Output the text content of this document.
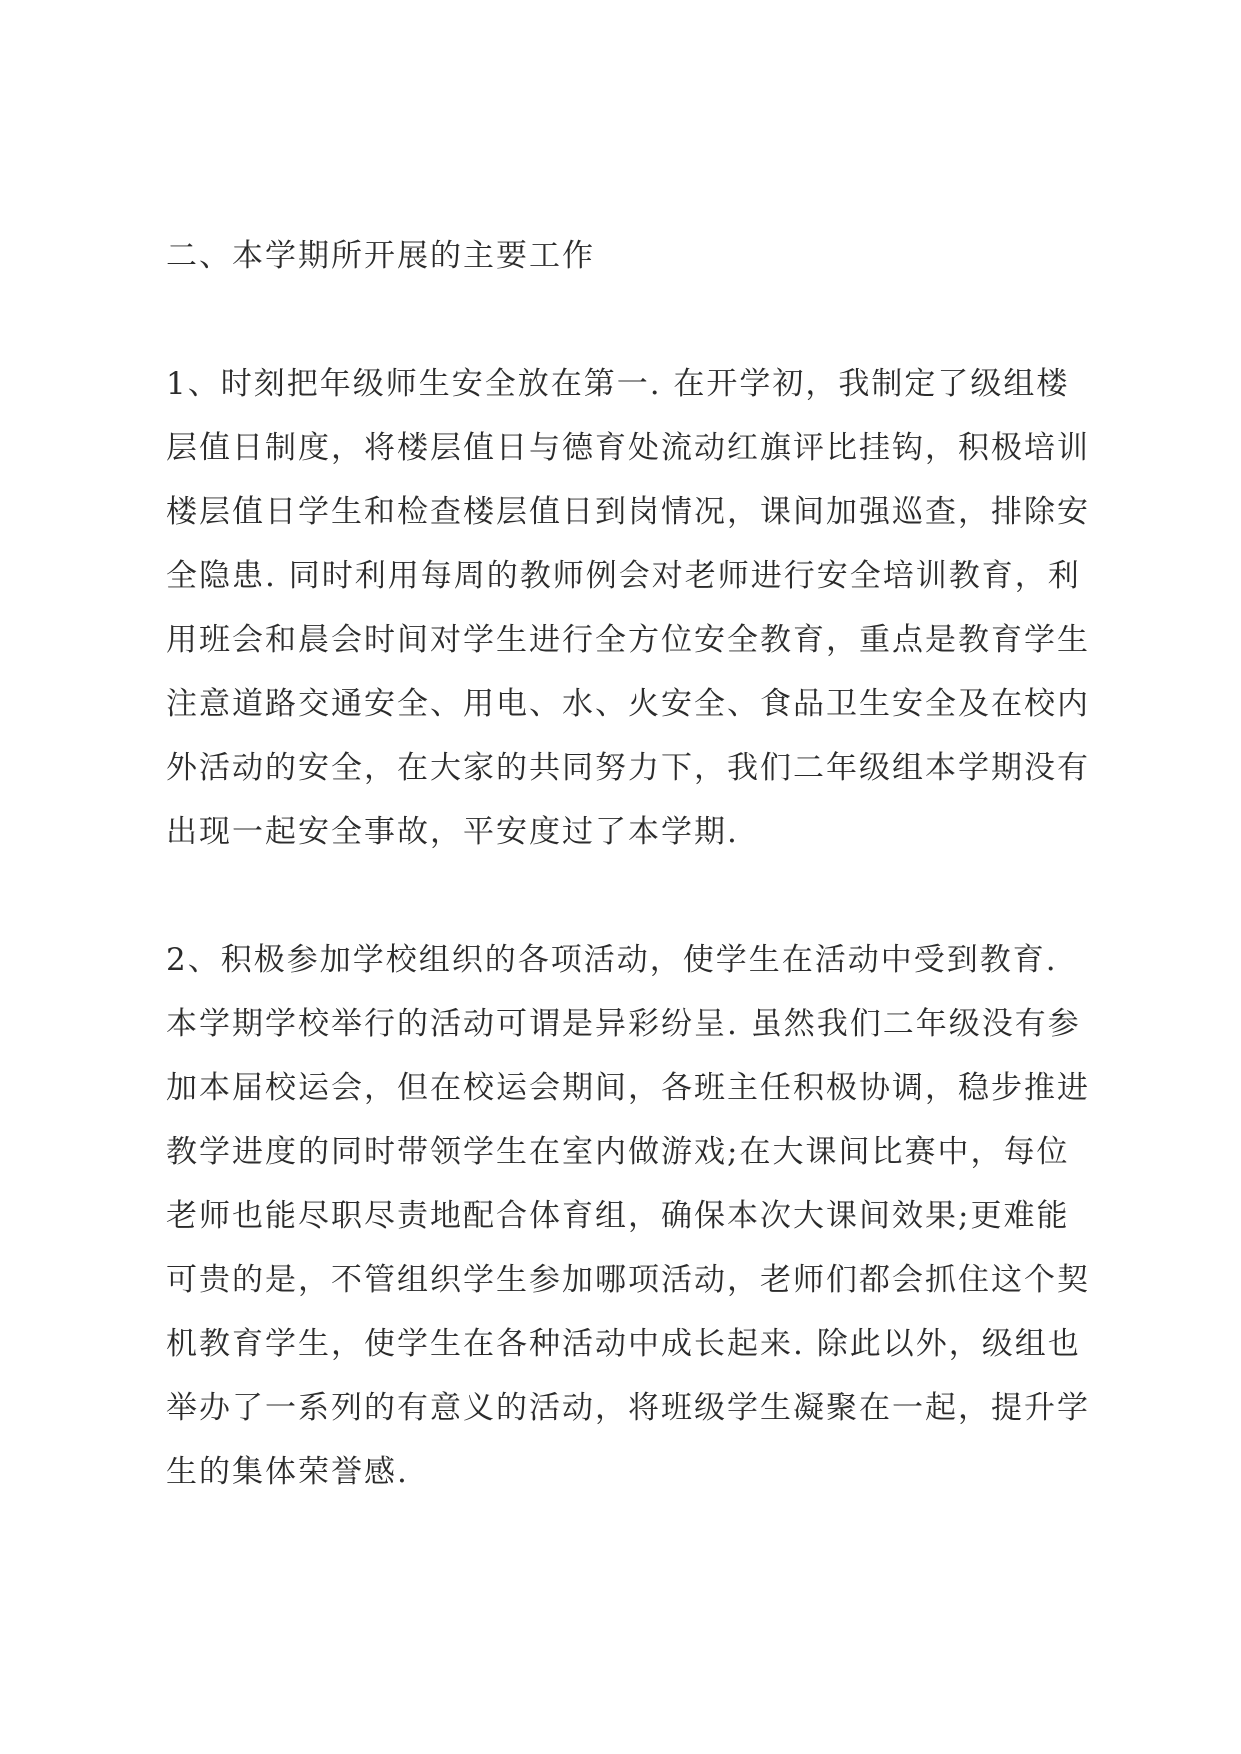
二、本学期所开展的主要工作
1、时刻把年级师生安全放在第一. 在开学初，我制定了级组楼
层值日制度，将楼层值日与德育处流动红旗评比挂钩，积极培训
楼层值日学生和检查楼层值日到岗情况，课间加强巡查，排除安
全隐患. 同时利用每周的教师例会对老师进行安全培训教育，利
用班会和晨会时间对学生进行全方位安全教育，重点是教育学生
注意道路交通安全、用电、水、火安全、食品卫生安全及在校内
外活动的安全，在大家的共同努力下，我们二年级组本学期没有
出现一起安全事故，平安度过了本学期.
2、积极参加学校组织的各项活动，使学生在活动中受到教育.
本学期学校举行的活动可谓是异彩纷呈. 虽然我们二年级没有参
加本届校运会，但在校运会期间，各班主任积极协调，稳步推进
教学进度的同时带领学生在室内做游戏;在大课间比赛中，每位
老师也能尽职尽责地配合体育组，确保本次大课间效果;更难能
可贵的是，不管组织学生参加哪项活动，老师们都会抓住这个契
机教育学生，使学生在各种活动中成长起来. 除此以外，级组也
举办了一系列的有意义的活动，将班级学生凝聚在一起，提升学
生的集体荣誉感.
